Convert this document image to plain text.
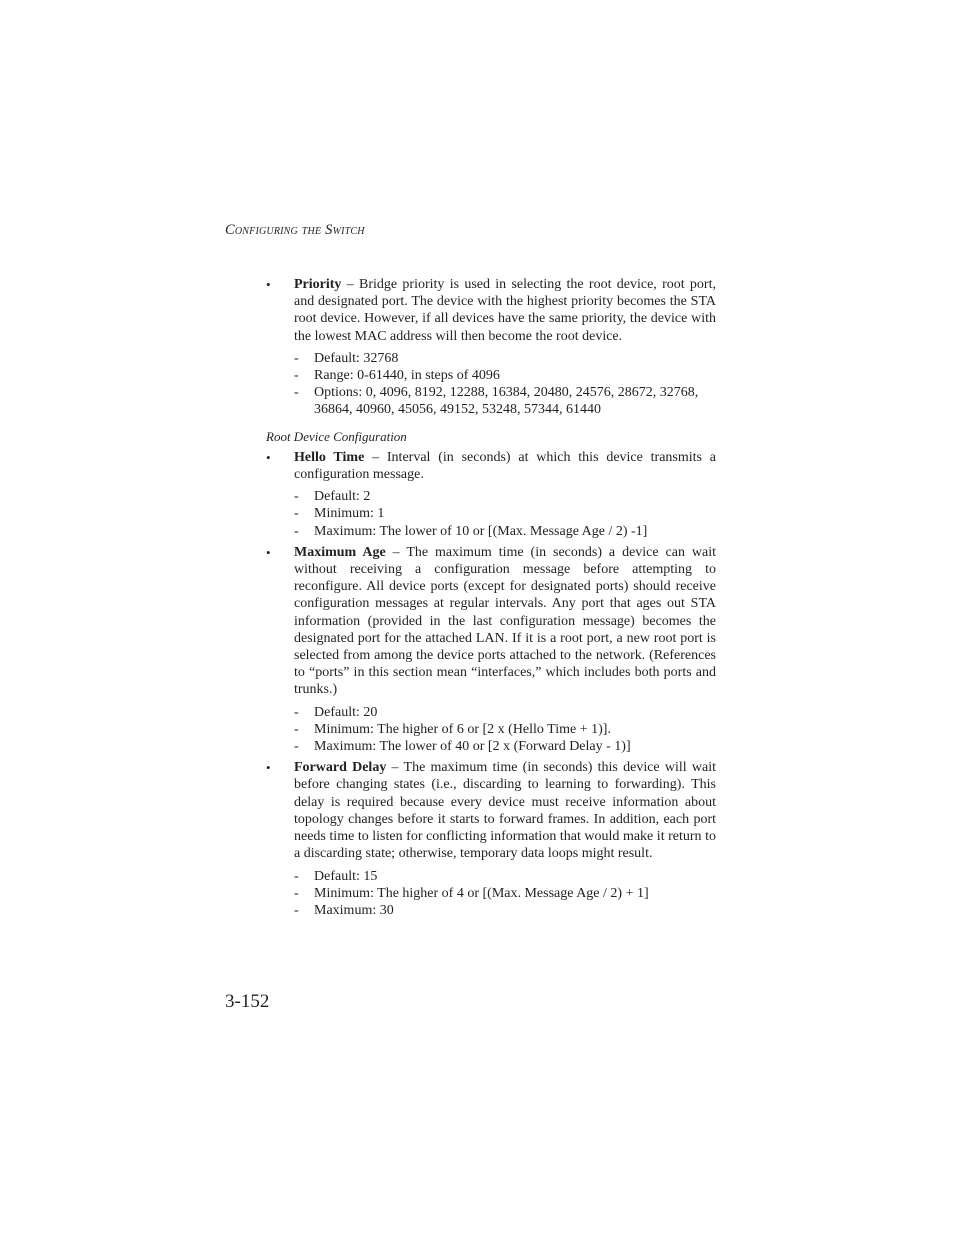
Configuring the Switch
• Priority – Bridge priority is used in selecting the root device, root port, and designated port. The device with the highest priority becomes the STA root device. However, if all devices have the same priority, the device with the lowest MAC address will then become the root device.
- Default: 32768
- Range: 0-61440, in steps of 4096
- Options: 0, 4096, 8192, 12288, 16384, 20480, 24576, 28672, 32768, 36864, 40960, 45056, 49152, 53248, 57344, 61440
Root Device Configuration
• Hello Time – Interval (in seconds) at which this device transmits a configuration message.
- Default: 2
- Minimum: 1
- Maximum: The lower of 10 or [(Max. Message Age / 2) -1]
• Maximum Age – The maximum time (in seconds) a device can wait without receiving a configuration message before attempting to reconfigure. All device ports (except for designated ports) should receive configuration messages at regular intervals. Any port that ages out STA information (provided in the last configuration message) becomes the designated port for the attached LAN. If it is a root port, a new root port is selected from among the device ports attached to the network. (References to “ports” in this section mean “interfaces,” which includes both ports and trunks.)
- Default: 20
- Minimum: The higher of 6 or [2 x (Hello Time + 1)].
- Maximum: The lower of 40 or [2 x (Forward Delay - 1)]
• Forward Delay – The maximum time (in seconds) this device will wait before changing states (i.e., discarding to learning to forwarding). This delay is required because every device must receive information about topology changes before it starts to forward frames. In addition, each port needs time to listen for conflicting information that would make it return to a discarding state; otherwise, temporary data loops might result.
- Default: 15
- Minimum: The higher of 4 or [(Max. Message Age / 2) + 1]
- Maximum: 30
3-152
